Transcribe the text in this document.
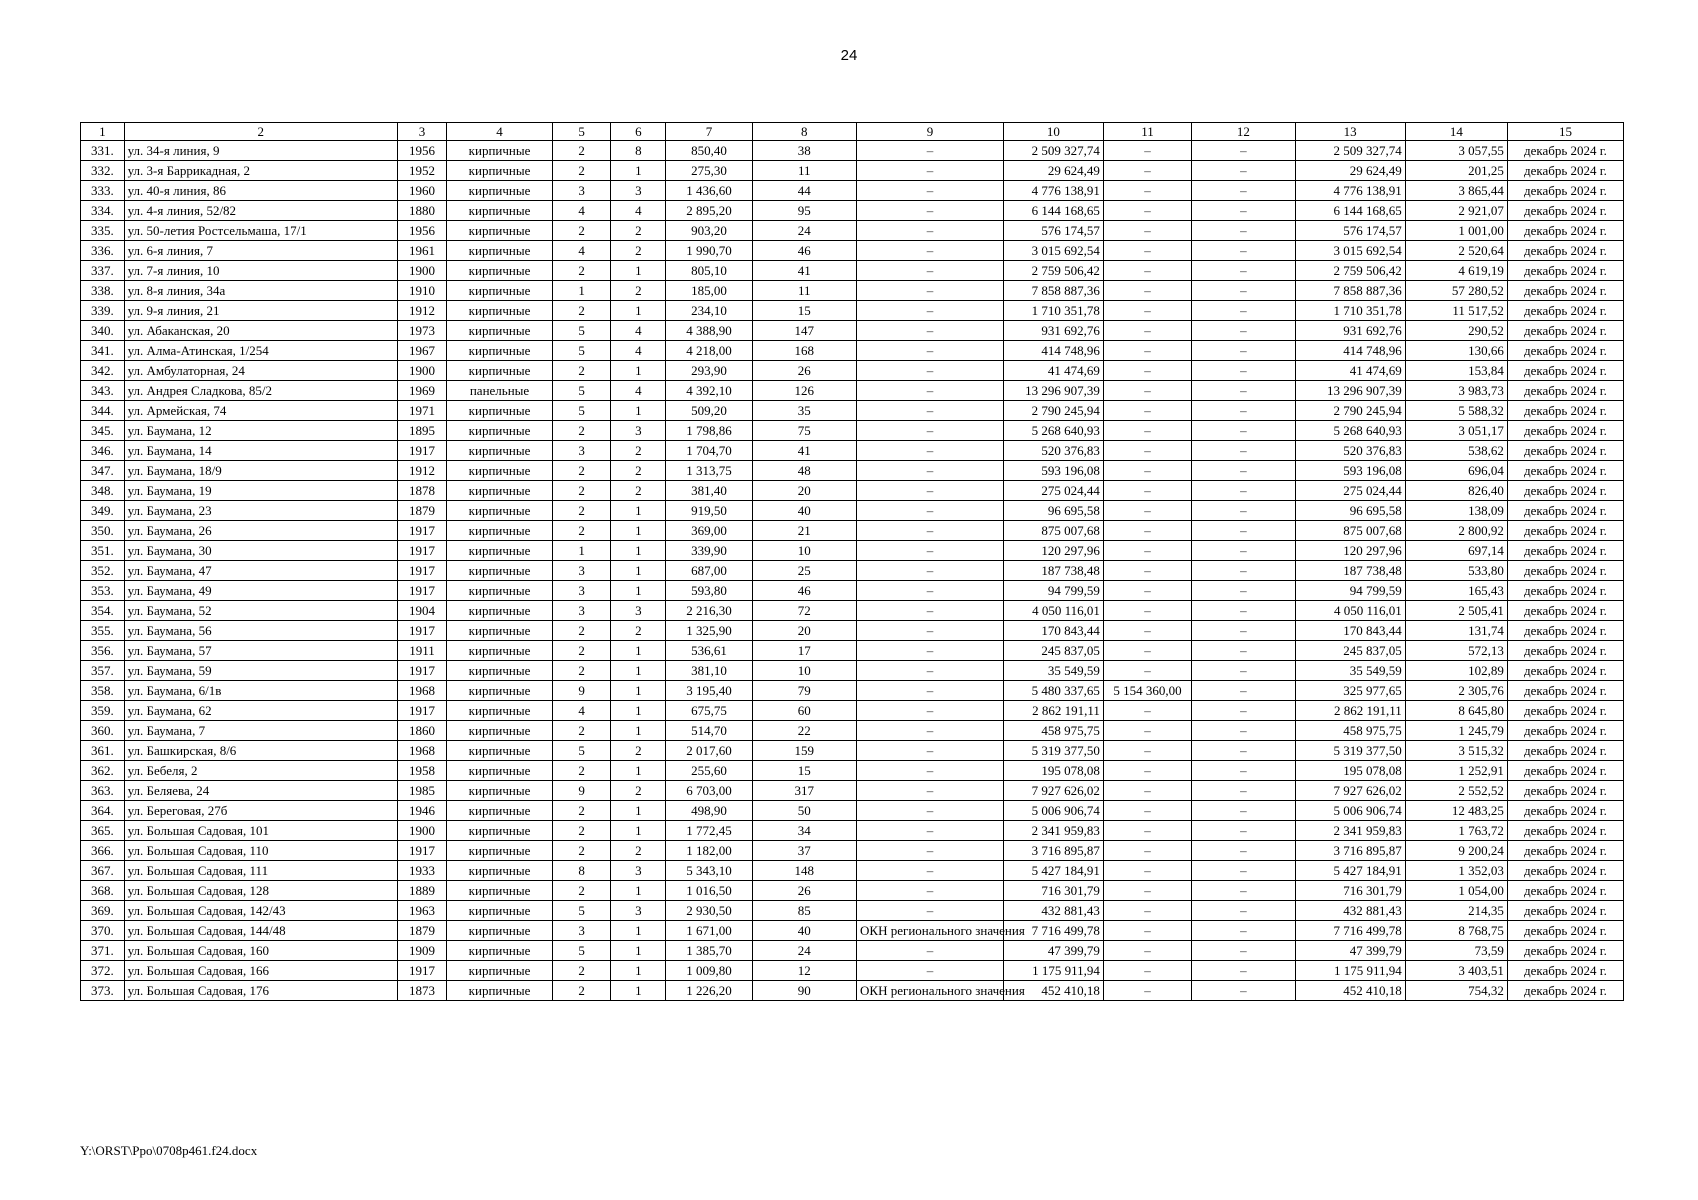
24
1	2	3	4	5	6	7	8	9	10	11	12	13	14	15
331.	ул. 34-я линия, 9	1956	кирпичные	2	8	850,40	38	–	2 509 327,74	–	–	2 509 327,74	3 057,55	декабрь 2024 г.
332.	ул. 3-я Баррикадная, 2	1952	кирпичные	2	1	275,30	11	–	29 624,49	–	–	29 624,49	201,25	декабрь 2024 г.
333.	ул. 40-я линия, 86	1960	кирпичные	3	3	1 436,60	44	–	4 776 138,91	–	–	4 776 138,91	3 865,44	декабрь 2024 г.
334.	ул. 4-я линия, 52/82	1880	кирпичные	4	4	2 895,20	95	–	6 144 168,65	–	–	6 144 168,65	2 921,07	декабрь 2024 г.
335.	ул. 50-летия Ростсельмаша, 17/1	1956	кирпичные	2	2	903,20	24	–	576 174,57	–	–	576 174,57	1 001,00	декабрь 2024 г.
336.	ул. 6-я линия, 7	1961	кирпичные	4	2	1 990,70	46	–	3 015 692,54	–	–	3 015 692,54	2 520,64	декабрь 2024 г.
337.	ул. 7-я линия, 10	1900	кирпичные	2	1	805,10	41	–	2 759 506,42	–	–	2 759 506,42	4 619,19	декабрь 2024 г.
338.	ул. 8-я линия, 34а	1910	кирпичные	1	2	185,00	11	–	7 858 887,36	–	–	7 858 887,36	57 280,52	декабрь 2024 г.
339.	ул. 9-я линия, 21	1912	кирпичные	2	1	234,10	15	–	1 710 351,78	–	–	1 710 351,78	11 517,52	декабрь 2024 г.
340.	ул. Абаканская, 20	1973	кирпичные	5	4	4 388,90	147	–	931 692,76	–	–	931 692,76	290,52	декабрь 2024 г.
341.	ул. Алма-Атинская, 1/254	1967	кирпичные	5	4	4 218,00	168	–	414 748,96	–	–	414 748,96	130,66	декабрь 2024 г.
342.	ул. Амбулаторная, 24	1900	кирпичные	2	1	293,90	26	–	41 474,69	–	–	41 474,69	153,84	декабрь 2024 г.
343.	ул. Андрея Сладкова, 85/2	1969	панельные	5	4	4 392,10	126	–	13 296 907,39	–	–	13 296 907,39	3 983,73	декабрь 2024 г.
344.	ул. Армейская, 74	1971	кирпичные	5	1	509,20	35	–	2 790 245,94	–	–	2 790 245,94	5 588,32	декабрь 2024 г.
345.	ул. Баумана, 12	1895	кирпичные	2	3	1 798,86	75	–	5 268 640,93	–	–	5 268 640,93	3 051,17	декабрь 2024 г.
346.	ул. Баумана, 14	1917	кирпичные	3	2	1 704,70	41	–	520 376,83	–	–	520 376,83	538,62	декабрь 2024 г.
347.	ул. Баумана, 18/9	1912	кирпичные	2	2	1 313,75	48	–	593 196,08	–	–	593 196,08	696,04	декабрь 2024 г.
348.	ул. Баумана, 19	1878	кирпичные	2	2	381,40	20	–	275 024,44	–	–	275 024,44	826,40	декабрь 2024 г.
349.	ул. Баумана, 23	1879	кирпичные	2	1	919,50	40	–	96 695,58	–	–	96 695,58	138,09	декабрь 2024 г.
350.	ул. Баумана, 26	1917	кирпичные	2	1	369,00	21	–	875 007,68	–	–	875 007,68	2 800,92	декабрь 2024 г.
351.	ул. Баумана, 30	1917	кирпичные	1	1	339,90	10	–	120 297,96	–	–	120 297,96	697,14	декабрь 2024 г.
352.	ул. Баумана, 47	1917	кирпичные	3	1	687,00	25	–	187 738,48	–	–	187 738,48	533,80	декабрь 2024 г.
353.	ул. Баумана, 49	1917	кирпичные	3	1	593,80	46	–	94 799,59	–	–	94 799,59	165,43	декабрь 2024 г.
354.	ул. Баумана, 52	1904	кирпичные	3	3	2 216,30	72	–	4 050 116,01	–	–	4 050 116,01	2 505,41	декабрь 2024 г.
355.	ул. Баумана, 56	1917	кирпичные	2	2	1 325,90	20	–	170 843,44	–	–	170 843,44	131,74	декабрь 2024 г.
356.	ул. Баумана, 57	1911	кирпичные	2	1	536,61	17	–	245 837,05	–	–	245 837,05	572,13	декабрь 2024 г.
357.	ул. Баумана, 59	1917	кирпичные	2	1	381,10	10	–	35 549,59	–	–	35 549,59	102,89	декабрь 2024 г.
358.	ул. Баумана, 6/1в	1968	кирпичные	9	1	3 195,40	79	–	5 480 337,65	5 154 360,00	–	325 977,65	2 305,76	декабрь 2024 г.
359.	ул. Баумана, 62	1917	кирпичные	4	1	675,75	60	–	2 862 191,11	–	–	2 862 191,11	8 645,80	декабрь 2024 г.
360.	ул. Баумана, 7	1860	кирпичные	2	1	514,70	22	–	458 975,75	–	–	458 975,75	1 245,79	декабрь 2024 г.
361.	ул. Башкирская, 8/6	1968	кирпичные	5	2	2 017,60	159	–	5 319 377,50	–	–	5 319 377,50	3 515,32	декабрь 2024 г.
362.	ул. Бебеля, 2	1958	кирпичные	2	1	255,60	15	–	195 078,08	–	–	195 078,08	1 252,91	декабрь 2024 г.
363.	ул. Беляева, 24	1985	кирпичные	9	2	6 703,00	317	–	7 927 626,02	–	–	7 927 626,02	2 552,52	декабрь 2024 г.
364.	ул. Береговая, 27б	1946	кирпичные	2	1	498,90	50	–	5 006 906,74	–	–	5 006 906,74	12 483,25	декабрь 2024 г.
365.	ул. Большая Садовая, 101	1900	кирпичные	2	1	1 772,45	34	–	2 341 959,83	–	–	2 341 959,83	1 763,72	декабрь 2024 г.
366.	ул. Большая Садовая, 110	1917	кирпичные	2	2	1 182,00	37	–	3 716 895,87	–	–	3 716 895,87	9 200,24	декабрь 2024 г.
367.	ул. Большая Садовая, 111	1933	кирпичные	8	3	5 343,10	148	–	5 427 184,91	–	–	5 427 184,91	1 352,03	декабрь 2024 г.
368.	ул. Большая Садовая, 128	1889	кирпичные	2	1	1 016,50	26	–	716 301,79	–	–	716 301,79	1 054,00	декабрь 2024 г.
369.	ул. Большая Садовая, 142/43	1963	кирпичные	5	3	2 930,50	85	–	432 881,43	–	–	432 881,43	214,35	декабрь 2024 г.
370.	ул. Большая Садовая, 144/48	1879	кирпичные	3	1	1 671,00	40	ОКН регионального значения	7 716 499,78	–	–	7 716 499,78	8 768,75	декабрь 2024 г.
371.	ул. Большая Садовая, 160	1909	кирпичные	5	1	1 385,70	24	–	47 399,79	–	–	47 399,79	73,59	декабрь 2024 г.
372.	ул. Большая Садовая, 166	1917	кирпичные	2	1	1 009,80	12	–	1 175 911,94	–	–	1 175 911,94	3 403,51	декабрь 2024 г.
373.	ул. Большая Садовая, 176	1873	кирпичные	2	1	1 226,20	90	ОКН регионального значения	452 410,18	–	–	452 410,18	754,32	декабрь 2024 г.
Y:\ORST\Ppo\0708p461.f24.docx
